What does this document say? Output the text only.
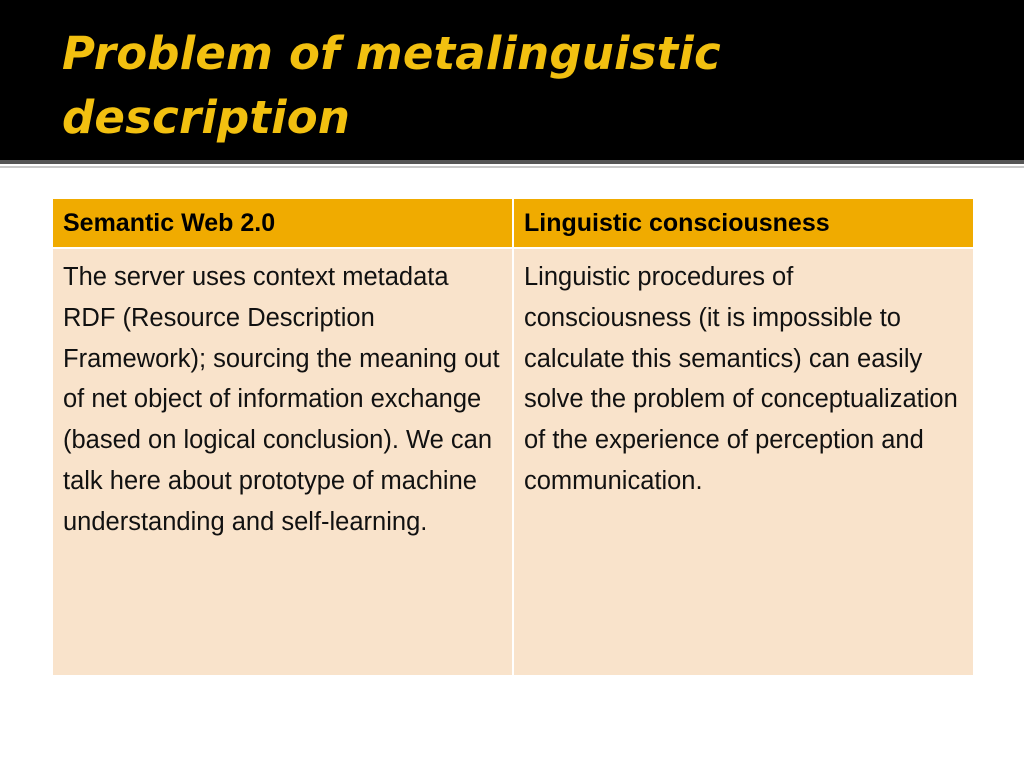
Problem of metalinguistic
description
Semantic Web 2.0	Linguistic consciousness
The server uses context metadata RDF (Resource Description Framework); sourcing the meaning out of net object of information exchange (based on logical conclusion). We can talk here about prototype of machine understanding and self-learning.	Linguistic procedures of consciousness (it is impossible to calculate this semantics) can easily solve the problem of conceptualization of the experience of perception and communication.
